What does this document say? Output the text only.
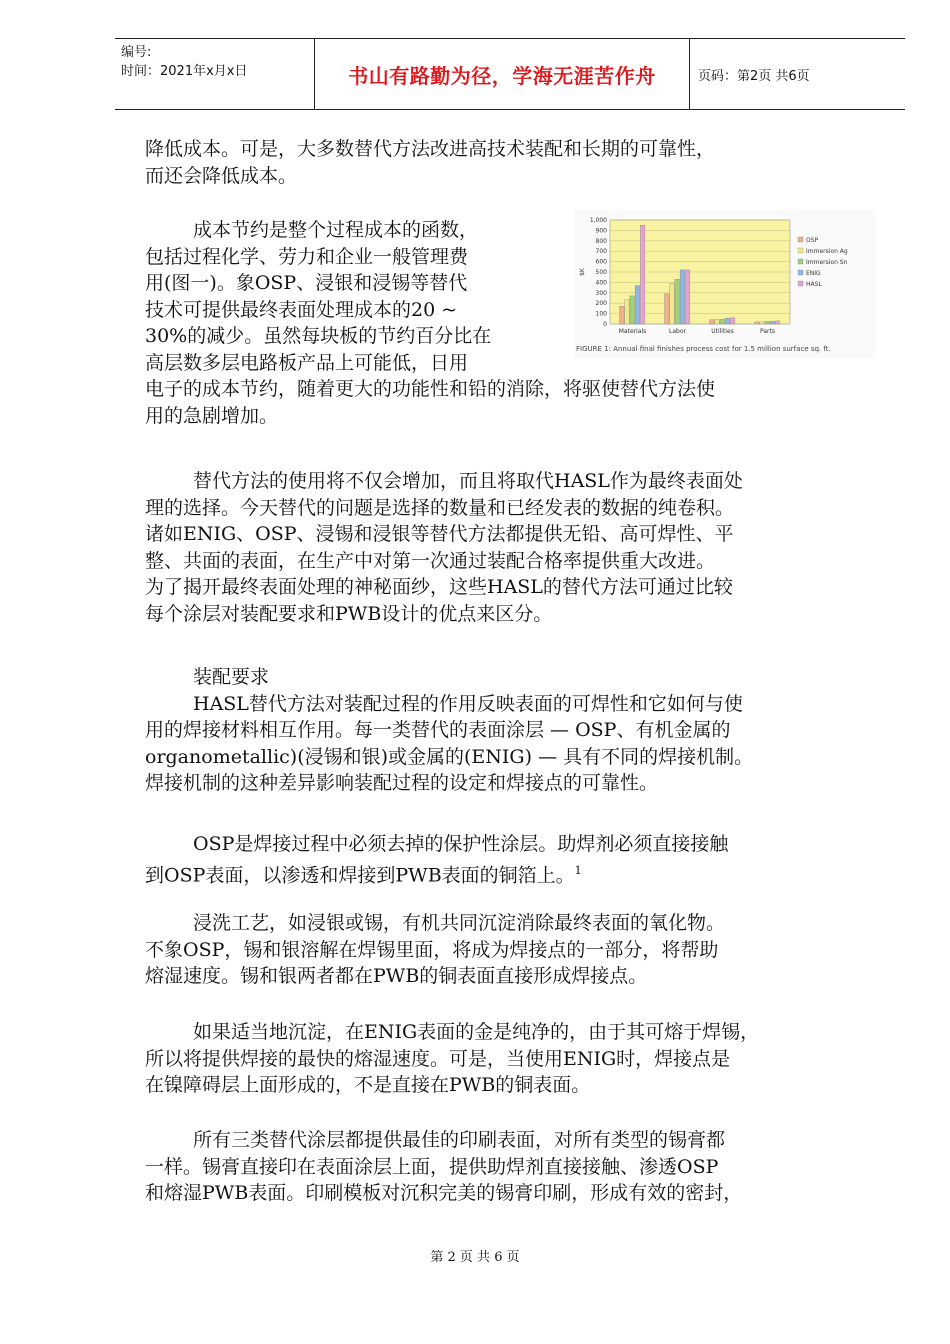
编号:
时间：2021年x月x日	书山有路勤为径，学海无涯苦作舟	页码：第2页 共6页
降低成本。可是，大多数替代方法改进高技术装配和长期的可靠性，
而还会降低成本。
成本节约是整个过程成本的函数，
包括过程化学、劳力和企业一般管理费
用(图一)。象OSP、浸银和浸锡等替代
技术可提供最终表面处理成本的20 ~
30%的减少。虽然每块板的节约百分比在
高层数多层电路板产品上可能低，日用
电子的成本节约，随着更大的功能性和铅的消除，将驱使替代方法使
用的急剧增加。
1,000
900
800
700
600
500
400
300
200
100
0
$K
Materials	Labor	Utilities	Parts
OSP
Immersion Ag
Immersion Sn
ENIG
HASL
FIGURE 1: Annual final finishes process cost for 1.5 million surface sq. ft.
替代方法的使用将不仅会增加，而且将取代HASL作为最终表面处
理的选择。今天替代的问题是选择的数量和已经发表的数据的纯卷积。
诸如ENIG、OSP、浸锡和浸银等替代方法都提供无铅、高可焊性、平
整、共面的表面，在生产中对第一次通过装配合格率提供重大改进。
为了揭开最终表面处理的神秘面纱，这些HASL的替代方法可通过比较
每个涂层对装配要求和PWB设计的优点来区分。
装配要求
HASL替代方法对装配过程的作用反映表面的可焊性和它如何与使
用的焊接材料相互作用。每一类替代的表面涂层 — OSP、有机金属的
organometallic)(浸锡和银)或金属的(ENIG) — 具有不同的焊接机制。
焊接机制的这种差异影响装配过程的设定和焊接点的可靠性。
OSP是焊接过程中必须去掉的保护性涂层。助焊剂必须直接接触
到OSP表面，以渗透和焊接到PWB表面的铜箔上。$^1$
浸洗工艺，如浸银或锡，有机共同沉淀消除最终表面的氧化物。
不象OSP，锡和银溶解在焊锡里面，将成为焊接点的一部分，将帮助
熔湿速度。锡和银两者都在PWB的铜表面直接形成焊接点。
如果适当地沉淀，在ENIG表面的金是纯净的，由于其可熔于焊锡，
所以将提供焊接的最快的熔湿速度。可是，当使用ENIG时，焊接点是
在镍障碍层上面形成的，不是直接在PWB的铜表面。
所有三类替代涂层都提供最佳的印刷表面，对所有类型的锡膏都
一样。锡膏直接印在表面涂层上面，提供助焊剂直接接触、渗透OSP
和熔湿PWB表面。印刷模板对沉积完美的锡膏印刷，形成有效的密封，
第 2 页 共 6 页
